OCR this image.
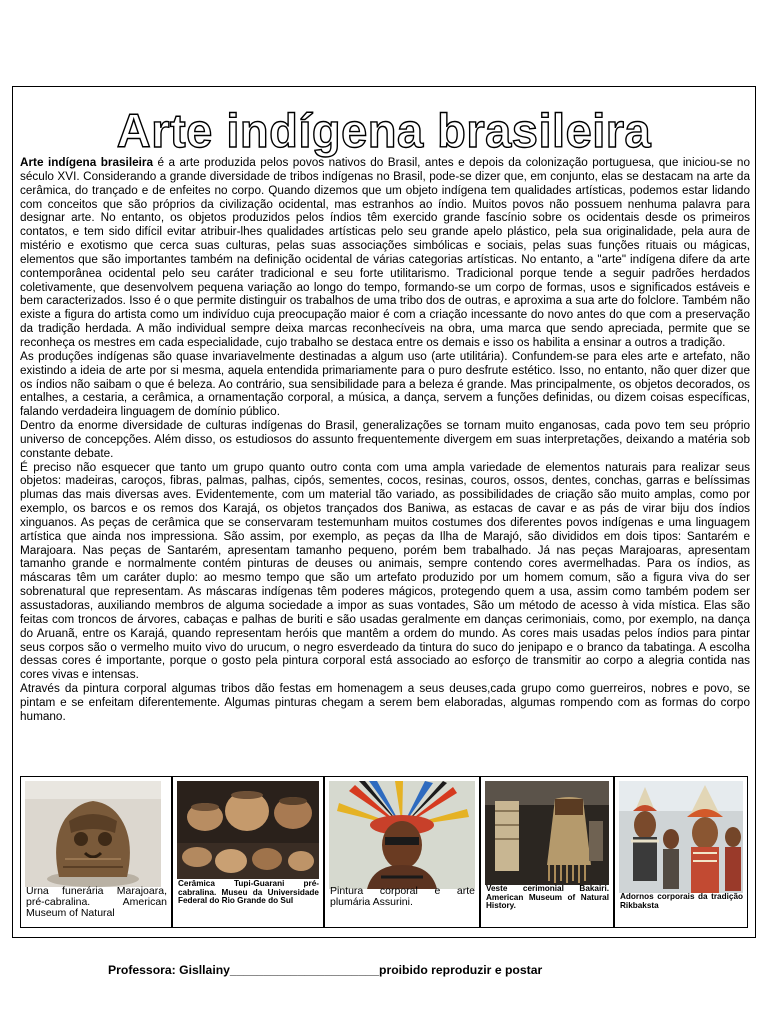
Arte indígena brasileira

Arte indígena brasileira é a arte produzida pelos povos nativos do Brasil, antes e depois da colonização portuguesa, que iniciou-se no século XVI. Considerando a grande diversidade de tribos indígenas no Brasil, pode-se dizer que, em conjunto, elas se destacam na arte da cerâmica, do trançado e de enfeites no corpo. Quando dizemos que um objeto indígena tem qualidades artísticas, podemos estar lidando com conceitos que são próprios da civilização ocidental, mas estranhos ao índio. Muitos povos não possuem nenhuma palavra para designar arte. No entanto, os objetos produzidos pelos índios têm exercido grande fascínio sobre os ocidentais desde os primeiros contatos, e tem sido difícil evitar atribuir-lhes qualidades artísticas pelo seu grande apelo plástico, pela sua originalidade, pela aura de mistério e exotismo que cerca suas culturas, pelas suas associações simbólicas e sociais, pelas suas funções rituais ou mágicas, elementos que são importantes também na definição ocidental de várias categorias artísticas. No entanto, a "arte" indígena difere da arte contemporânea ocidental pelo seu caráter tradicional e seu forte utilitarismo. Tradicional porque tende a seguir padrões herdados coletivamente, que desenvolvem pequena variação ao longo do tempo, formando-se um corpo de formas, usos e significados estáveis e bem caracterizados. Isso é o que permite distinguir os trabalhos de uma tribo dos de outras, e aproxima a sua arte do folclore. Também não existe a figura do artista como um indivíduo cuja preocupação maior é com a criação incessante do novo antes do que com a preservação da tradição herdada. A mão individual sempre deixa marcas reconhecíveis na obra, uma marca que sendo apreciada, permite que se reconheça os mestres em cada especialidade, cujo trabalho se destaca entre os demais e isso os habilita a ensinar a outros a tradição.

As produções indígenas são quase invariavelmente destinadas a algum uso (arte utilitária). Confundem-se para eles arte e artefato, não existindo a ideia de arte por si mesma, aquela entendida primariamente para o puro desfrute estético. Isso, no entanto, não quer dizer que os índios não saibam o que é beleza. Ao contrário, sua sensibilidade para a beleza é grande. Mas principalmente, os objetos decorados, os entalhes, a cestaria, a cerâmica, a ornamentação corporal, a música, a dança, servem a funções definidas, ou dizem coisas específicas, falando verdadeira linguagem de domínio público.

Dentro da enorme diversidade de culturas indígenas do Brasil, generalizações se tornam muito enganosas, cada povo tem seu próprio universo de concepções. Além disso, os estudiosos do assunto frequentemente divergem em suas interpretações, deixando a matéria sob constante debate.

É preciso não esquecer que tanto um grupo quanto outro conta com uma ampla variedade de elementos naturais para realizar seus objetos: madeiras, caroços, fibras, palmas, palhas, cipós, sementes, cocos, resinas, couros, ossos, dentes, conchas, garras e belíssimas plumas das mais diversas aves. Evidentemente, com um material tão variado, as possibilidades de criação são muito amplas, como por exemplo, os barcos e os remos dos Karajá, os objetos trançados dos Baniwa, as estacas de cavar e as pás de virar biju dos índios xinguanos. As peças de cerâmica que se conservaram testemunham muitos costumes dos diferentes povos indígenas e uma linguagem artística que ainda nos impressiona. São assim, por exemplo, as peças da Ilha de Marajó, são divididos em dois tipos: Santarém e Marajoara. Nas peças de Santarém, apresentam tamanho pequeno, porém bem trabalhado. Já nas peças Marajoaras, apresentam tamanho grande e normalmente contém pinturas de deuses ou animais, sempre contendo cores avermelhadas. Para os índios, as máscaras têm um caráter duplo: ao mesmo tempo que são um artefato produzido por um homem comum, são a figura viva do ser sobrenatural que representam. As máscaras indígenas têm poderes mágicos, protegendo quem a usa, assim como também podem ser assustadoras, auxiliando membros de alguma sociedade a impor as suas vontades, São um método de acesso à vida mística. Elas são feitas com troncos de árvores, cabaças e palhas de buriti e são usadas geralmente em danças cerimoniais, como, por exemplo, na dança do Aruanã, entre os Karajá, quando representam heróis que mantêm a ordem do mundo. As cores mais usadas pelos índios para pintar seus corpos são o vermelho muito vivo do urucum, o negro esverdeado da tintura do suco do jenipapo e o branco da tabatinga. A escolha dessas cores é importante, porque o gosto pela pintura corporal está associado ao esforço de transmitir ao corpo a alegria contida nas cores vivas e intensas.

Através da pintura corporal algumas tribos dão festas em homenagem a seus deuses,cada grupo como guerreiros, nobres e povo, se pintam e se enfeitam diferentemente. Algumas pinturas chegam a serem bem elaboradas, algumas rompendo com as formas do corpo humano.

Urna funerária Marajoara, pré-cabralina. American Museum of Natural
Cerâmica Tupi-Guarani pré-cabralina. Museu da Universidade Federal do Rio Grande do Sul
Pintura corporal e arte plumária Assurini.
Veste cerimonial Bakairi. American Museum of Natural History.
Adornos corporais da tradição Rikbaksta
Professora: Gisllainy______________________proibido reproduzir e postar
